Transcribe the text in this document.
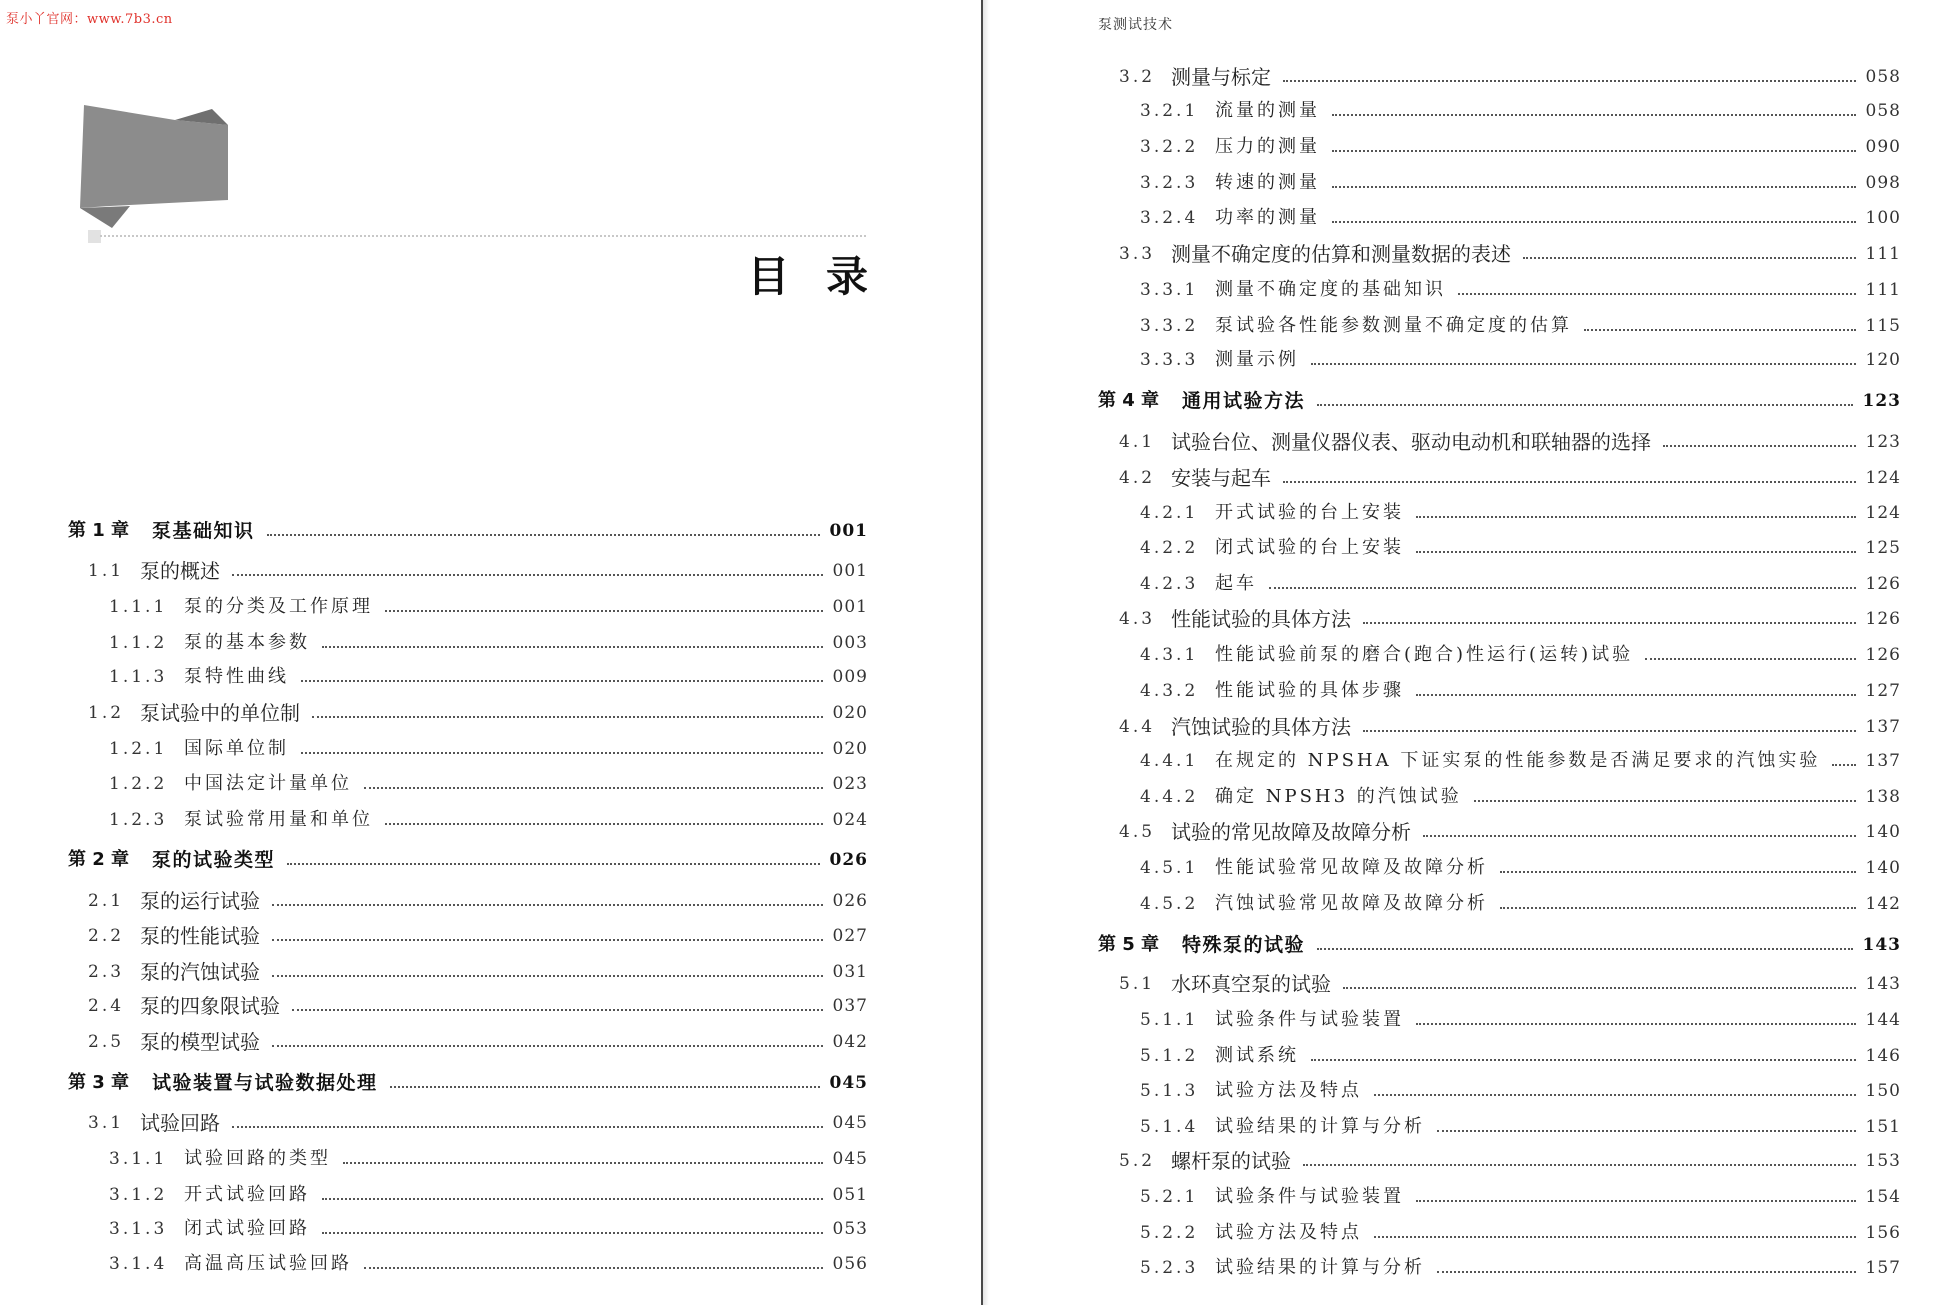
泵小丫官网：www.7b3.cn
目 录
第 1 章	泵基础知识	001
1.1 泵的概述	001
1.1.1 泵的分类及工作原理	001
1.1.2 泵的基本参数	003
1.1.3 泵特性曲线	009
1.2 泵试验中的单位制	020
1.2.1 国际单位制	020
1.2.2 中国法定计量单位	023
1.2.3 泵试验常用量和单位	024
第 2 章	泵的试验类型	026
2.1 泵的运行试验	026
2.2 泵的性能试验	027
2.3 泵的汽蚀试验	031
2.4 泵的四象限试验	037
2.5 泵的模型试验	042
第 3 章	试验装置与试验数据处理	045
3.1 试验回路	045
3.1.1 试验回路的类型	045
3.1.2 开式试验回路	051
3.1.3 闭式试验回路	053
3.1.4 高温高压试验回路	056
泵测试技术
3.2 测量与标定	058
3.2.1 流量的测量	058
3.2.2 压力的测量	090
3.2.3 转速的测量	098
3.2.4 功率的测量	100
3.3 测量不确定度的估算和测量数据的表述	111
3.3.1 测量不确定度的基础知识	111
3.3.2 泵试验各性能参数测量不确定度的估算	115
3.3.3 测量示例	120
第 4 章	通用试验方法	123
4.1 试验台位、测量仪器仪表、驱动电动机和联轴器的选择	123
4.2 安装与起车	124
4.2.1 开式试验的台上安装	124
4.2.2 闭式试验的台上安装	125
4.2.3 起车	126
4.3 性能试验的具体方法	126
4.3.1 性能试验前泵的磨合(跑合)性运行(运转)试验	126
4.3.2 性能试验的具体步骤	127
4.4 汽蚀试验的具体方法	137
4.4.1 在规定的 NPSHA 下证实泵的性能参数是否满足要求的汽蚀实验	137
4.4.2 确定 NPSH3 的汽蚀试验	138
4.5 试验的常见故障及故障分析	140
4.5.1 性能试验常见故障及故障分析	140
4.5.2 汽蚀试验常见故障及故障分析	142
第 5 章	特殊泵的试验	143
5.1 水环真空泵的试验	143
5.1.1 试验条件与试验装置	144
5.1.2 测试系统	146
5.1.3 试验方法及特点	150
5.1.4 试验结果的计算与分析	151
5.2 螺杆泵的试验	153
5.2.1 试验条件与试验装置	154
5.2.2 试验方法及特点	156
5.2.3 试验结果的计算与分析	157
